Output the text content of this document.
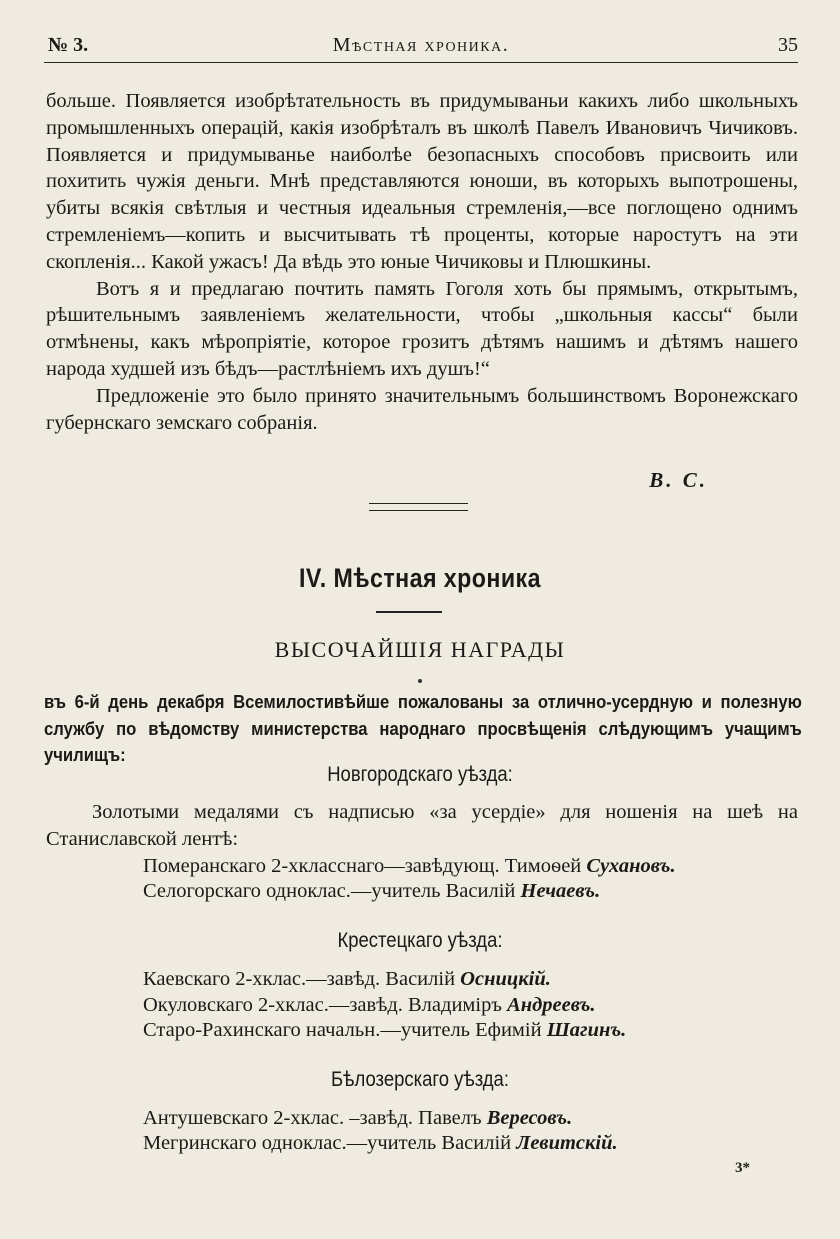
№ 3.	Мѣстная хроника.	35

больше. Появляется изобрѣтательность въ придумываньи какихъ либо школьныхъ промышленныхъ операцій, какія изобрѣталъ въ школѣ Павелъ Ивановичъ Чичиковъ. Появляется и придумыванье наиболѣе безопасныхъ способовъ присвоить или похитить чужія деньги. Мнѣ представляются юноши, въ которыхъ выпотрошены, убиты всякія свѣтлыя и честныя идеальныя стремленія,—все поглощено однимъ стремленіемъ—копить и высчитывать тѣ проценты, которые наростутъ на эти скопленія... Какой ужасъ! Да вѣдь это юные Чичиковы и Плюшкины.

Вотъ я и предлагаю почтить память Гоголя хоть бы прямымъ, открытымъ, рѣшительнымъ заявленіемъ желательности, чтобы „школьныя кассы“ были отмѣнены, какъ мѣропріятіе, которое грозитъ дѣтямъ нашимъ и дѣтямъ нашего народа худшей изъ бѣдъ—растлѣніемъ ихъ душъ!“

Предложеніе это было принято значительнымъ большинствомъ Воронежскаго губернскаго земскаго собранія.

В. С.
IV. Мѣстная хроника
ВЫСОЧАЙШІЯ НАГРАДЫ
въ 6-й день декабря Всемилостивѣйше пожалованы за отлично-усердную и полезную службу по вѣдомству министерства народнаго просвѣщенія слѣдующимъ учащимъ училищъ:
Новгородскаго уѣзда:
Золотыми медалями съ надписью «за усердіе» для ношенія на шеѣ на Станиславской лентѣ:
Померанскаго 2-хклacснаго—завѣдующ. Тимоѳей Сухановъ.
Селогорскаго одноклас.—учитель Василій Нечаевъ.
Крестецкаго уѣзда:
Каевскаго 2-хклас.—завѣд. Василій Осницкій.
Окуловскаго 2-хклас.—завѣд. Владиміръ Андреевъ.
Старо-Рахинскаго начальн.—учитель Ефимій Шагинъ.
Бѣлозерскаго уѣзда:
Антушевскаго 2-хклас. –завѣд. Павелъ Вересовъ.
Мегринскаго одноклас.—учитель Василій Левитскій.
3*
